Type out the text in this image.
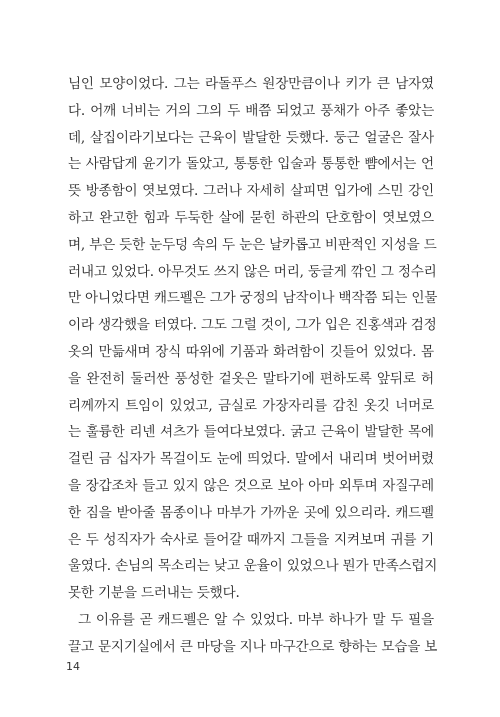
님인 모양이었다. 그는 라돌푸스 원장만큼이나 키가 큰 남자였
다. 어깨 너비는 거의 그의 두 배쯤 되었고 풍채가 아주 좋았는
데, 살집이라기보다는 근육이 발달한 듯했다. 둥근 얼굴은 잘사
는 사람답게 윤기가 돌았고, 통통한 입술과 통통한 뺨에서는 언
뜻 방종함이 엿보였다. 그러나 자세히 살피면 입가에 스민 강인
하고 완고한 힘과 두둑한 살에 묻힌 하관의 단호함이 엿보였으
며, 부은 듯한 눈두덩 속의 두 눈은 날카롭고 비판적인 지성을 드
러내고 있었다. 아무것도 쓰지 않은 머리, 둥글게 깎인 그 정수리
만 아니었다면 캐드펠은 그가 궁정의 남작이나 백작쯤 되는 인물
이라 생각했을 터였다. 그도 그럴 것이, 그가 입은 진홍색과 검정
옷의 만듦새며 장식 따위에 기품과 화려함이 깃들어 있었다. 몸
을 완전히 둘러싼 풍성한 겉옷은 말타기에 편하도록 앞뒤로 허
리께까지 트임이 있었고, 금실로 가장자리를 감친 옷깃 너머로
는 훌륭한 리넨 셔츠가 들여다보였다. 굵고 근육이 발달한 목에
걸린 금 십자가 목걸이도 눈에 띄었다. 말에서 내리며 벗어버렸
을 장갑조차 들고 있지 않은 것으로 보아 아마 외투며 자질구레
한 짐을 받아줄 몸종이나 마부가 가까운 곳에 있으리라. 캐드펠
은 두 성직자가 숙사로 들어갈 때까지 그들을 지켜보며 귀를 기
울였다. 손님의 목소리는 낮고 운율이 있었으나 뭔가 만족스럽지
못한 기분을 드러내는 듯했다.
그 이유를 곧 캐드펠은 알 수 있었다. 마부 하나가 말 두 필을
끌고 문지기실에서 큰 마당을 지나 마구간으로 향하는 모습을 보
14
